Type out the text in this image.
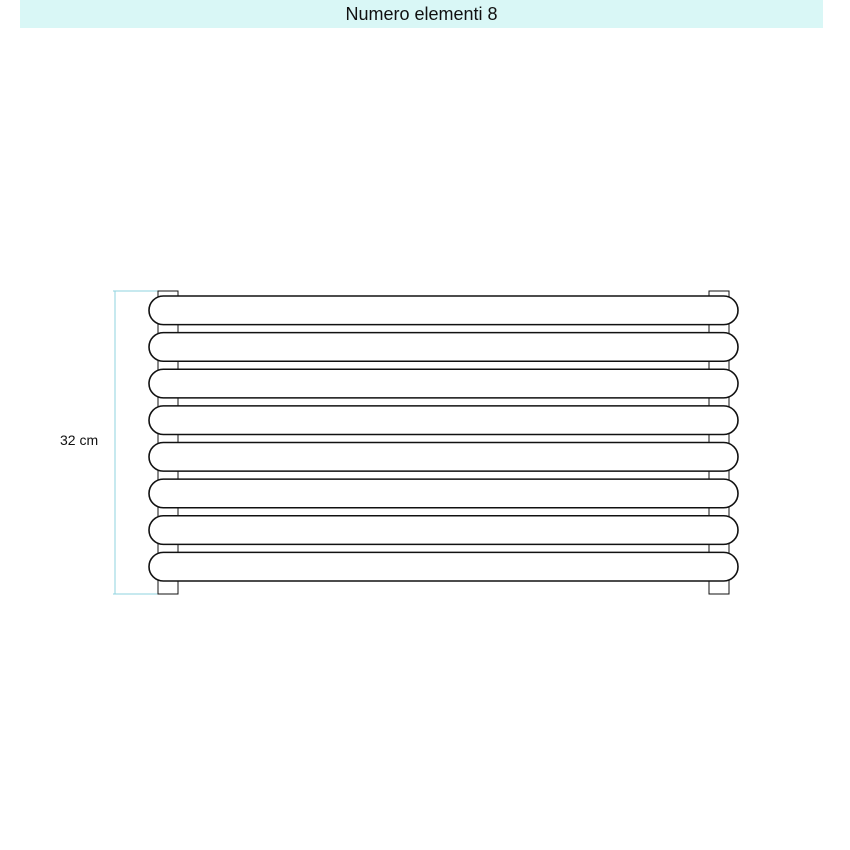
Numero elementi 8
32 cm
